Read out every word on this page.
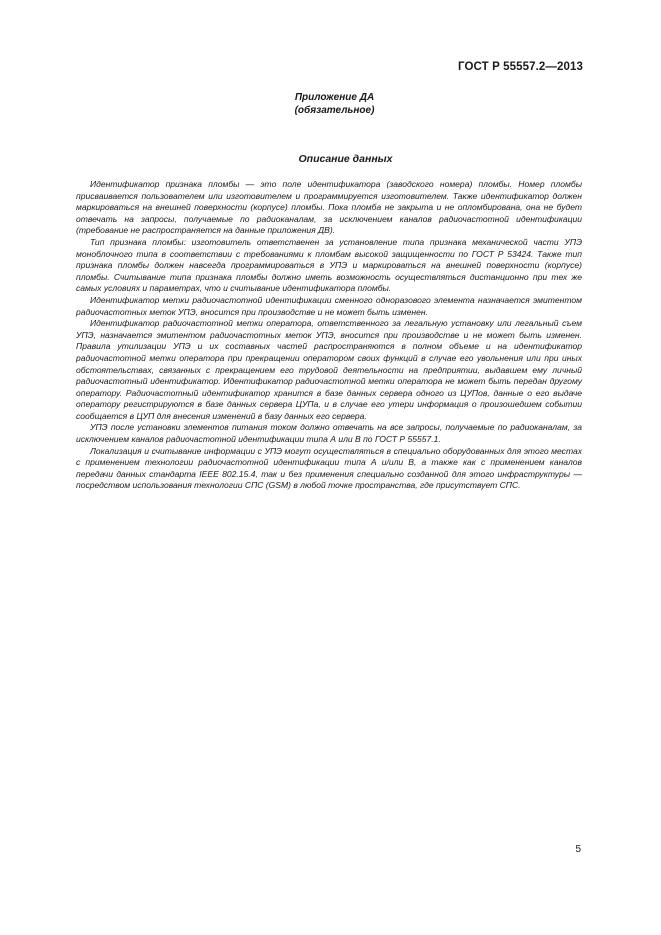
ГОСТ Р 55557.2—2013
Приложение ДА
(обязательное)
Описание данных

Идентификатор признака пломбы — это поле идентификатора (заводского номера) пломбы. Номер пломбы присваивается пользователем или изготовителем и программируется изготовителем. Также идентификатор должен маркироваться на внешней поверхности (корпусе) пломбы. Пока пломба не закрыта и не опломбирована, она не будет отвечать на запросы, получаемые по радиоканалам, за исключением каналов радиочастотной идентификации (требование не распространяется на данные приложения ДВ).

Тип признака пломбы: изготовитель ответственен за установление типа признака механической части УПЭ моноблочного типа в соответствии с требованиями к пломбам высокой защищенности по ГОСТ Р 53424. Также тип признака пломбы должен навсегда программироваться в УПЭ и маркироваться на внешней поверхности (корпусе) пломбы. Считывание типа признака пломбы должно иметь возможность осуществляться дистанционно при тех же самых условиях и параметрах, что и считывание идентификатора пломбы.

Идентификатор метки радиочастотной идентификации сменного одноразового элемента назначается эмитентом радиочастотных меток УПЭ, вносится при производстве и не может быть изменен.

Идентификатор радиочастотной метки оператора, ответственного за легальную установку или легальный съем УПЭ, назначается эмитентом радиочастотных меток УПЭ, вносится при производстве и не может быть изменен. Правила утилизации УПЭ и их составных частей распространяются в полном объеме и на идентификатор радиочастотной метки оператора при прекращении оператором своих функций в случае его увольнения или при иных обстоятельствах, связанных с прекращением его трудовой деятельности на предприятии, выдавшем ему личный радиочастотный идентификатор. Идентификатор радиочастотной метки оператора не может быть передан другому оператору. Радиочастотный идентификатор хранится в базе данных сервера одного из ЦУПов, данные о его выдаче оператору регистрируются в базе данных сервера ЦУПа, и в случае его утери информация о произошедшем событии сообщается в ЦУП для внесения изменений в базу данных его сервера.

УПЭ после установки элементов питания током должно отвечать на все запросы, получаемые по радиоканалам, за исключением каналов радиочастотной идентификации типа А или В по ГОСТ Р 55557.1.

Локализация и считывание информации с УПЭ могут осуществляться в специально оборудованных для этого местах с применением технологии радиочастотной идентификации типа А и/или В, а также как с применением каналов передачи данных стандарта IEEE 802.15.4, так и без применения специально созданной для этого инфраструктуры — посредством использования технологии СПС (GSM) в любой точке пространства, где присутствует СПС.

5
